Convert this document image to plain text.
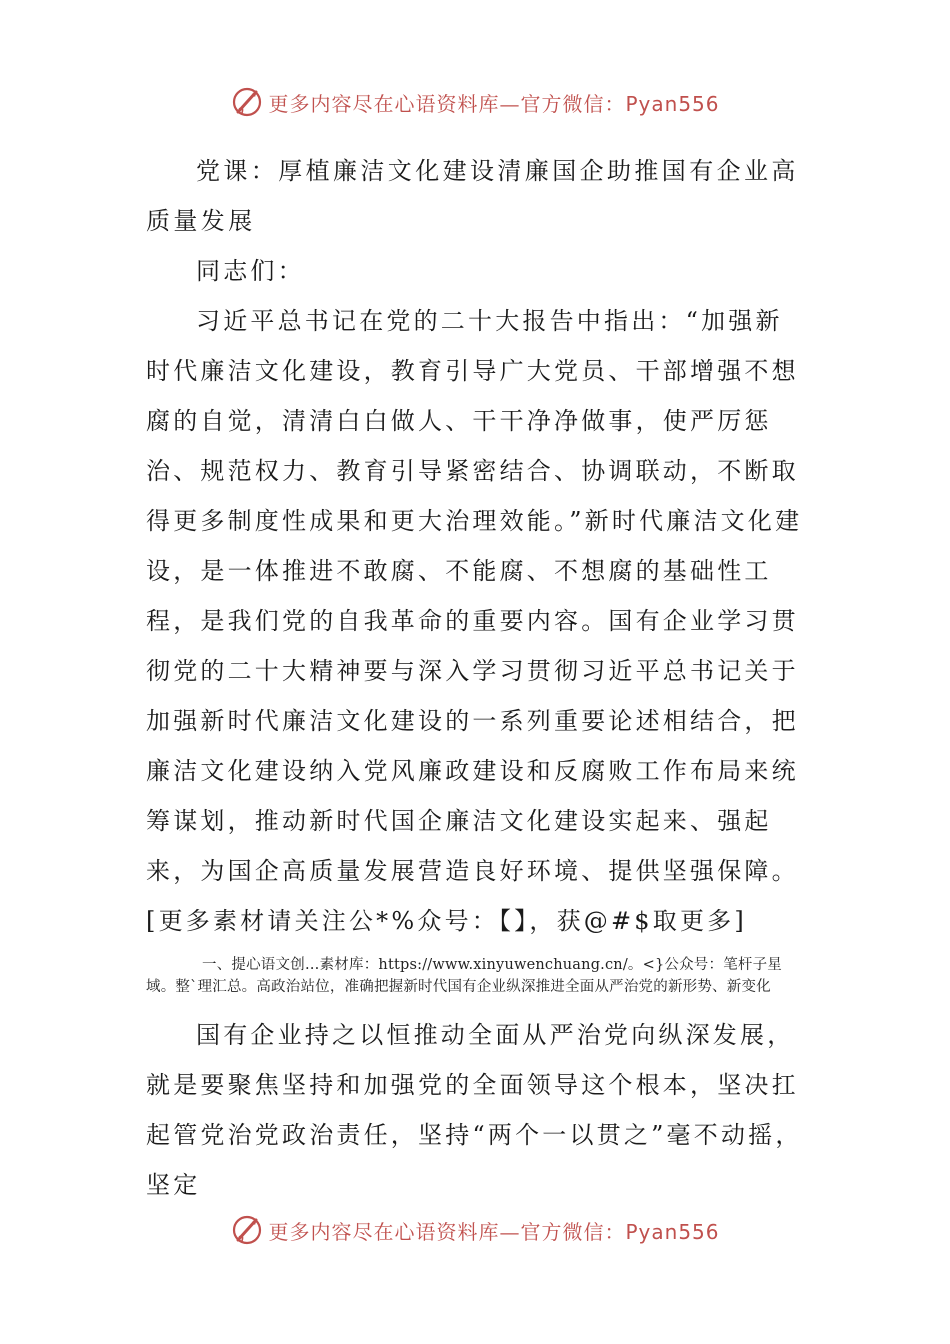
更多内容尽在心语资料库—官方微信：Pyan556

党课：厚植廉洁文化建设清廉国企助推国有企业高质量发展

同志们：

习近平总书记在党的二十大报告中指出：“加强新时代廉洁文化建设，教育引导广大党员、干部增强不想腐的自觉，清清白白做人、干干净净做事，使严厉惩治、规范权力、教育引导紧密结合、协调联动，不断取得更多制度性成果和更大治理效能。”新时代廉洁文化建设，是一体推进不敢腐、不能腐、不想腐的基础性工程，是我们党的自我革命的重要内容。国有企业学习贯彻党的二十大精神要与深入学习贯彻习近平总书记关于加强新时代廉洁文化建设的一系列重要论述相结合，把廉洁文化建设纳入党风廉政建设和反腐败工作布局来统筹谋划，推动新时代国企廉洁文化建设实起来、强起来，为国企高质量发展营造良好环境、提供坚强保障。[更多素材请关注公*%众号：【】，获@#$取更多]

一、提心语文创…素材库：https://www.xinyuwenchuang.cn/。<}公众号：笔杆子星域。整`理汇总。高政治站位，准确把握新时代国有企业纵深推进全面从严治党的新形势、新变化

国有企业持之以恒推动全面从严治党向纵深发展，就是要聚焦坚持和加强党的全面领导这个根本，坚决扛起管党治党政治责任，坚持“两个一以贯之”毫不动摇，坚定

更多内容尽在心语资料库—官方微信：Pyan556
